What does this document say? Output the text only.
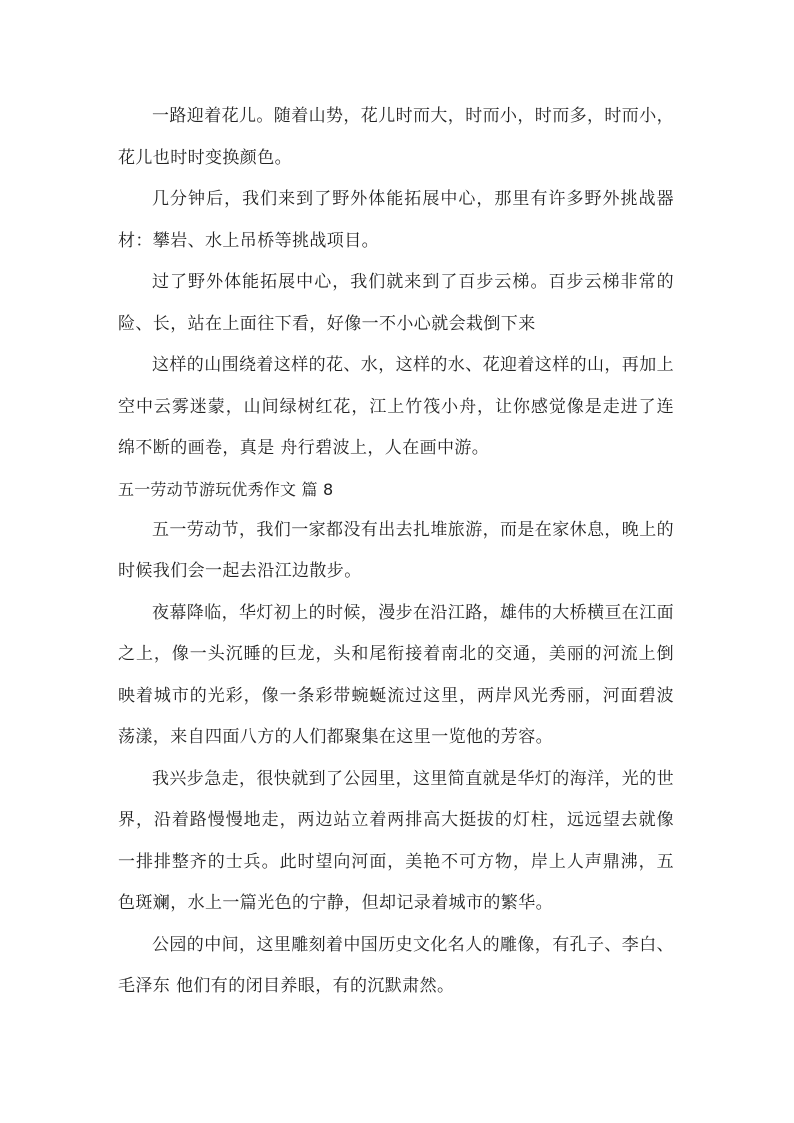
一路迎着花儿。随着山势，花儿时而大，时而小，时而多，时而小，花儿也时时变换颜色。

几分钟后，我们来到了野外体能拓展中心，那里有许多野外挑战器材：攀岩、水上吊桥等挑战项目。

过了野外体能拓展中心，我们就来到了百步云梯。百步云梯非常的险、长，站在上面往下看，好像一不小心就会栽倒下来

这样的山围绕着这样的花、水，这样的水、花迎着这样的山，再加上空中云雾迷蒙，山间绿树红花，江上竹筏小舟，让你感觉像是走进了连绵不断的画卷，真是 舟行碧波上，人在画中游。

五一劳动节游玩优秀作文 篇 8

五一劳动节，我们一家都没有出去扎堆旅游，而是在家休息，晚上的时候我们会一起去沿江边散步。

夜幕降临，华灯初上的时候，漫步在沿江路，雄伟的大桥横亘在江面之上，像一头沉睡的巨龙，头和尾衔接着南北的交通，美丽的河流上倒映着城市的光彩，像一条彩带蜿蜒流过这里，两岸风光秀丽，河面碧波荡漾，来自四面八方的人们都聚集在这里一览他的芳容。

我兴步急走，很快就到了公园里，这里简直就是华灯的海洋，光的世界，沿着路慢慢地走，两边站立着两排高大挺拔的灯柱，远远望去就像一排排整齐的士兵。此时望向河面，美艳不可方物，岸上人声鼎沸，五色斑斓，水上一篇光色的宁静，但却记录着城市的繁华。

公园的中间，这里雕刻着中国历史文化名人的雕像，有孔子、李白、毛泽东 他们有的闭目养眼，有的沉默肃然。
